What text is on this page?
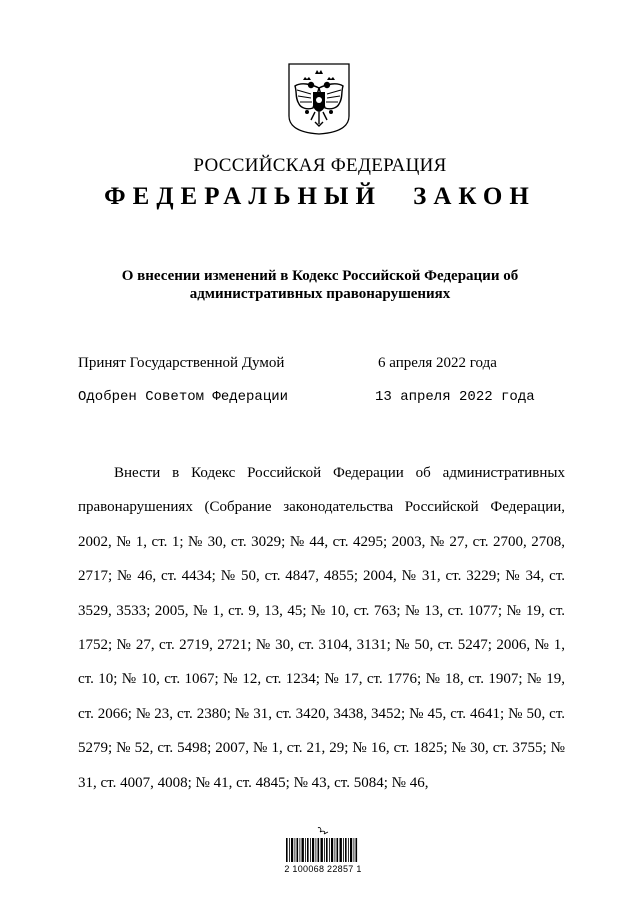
РОССИЙСКАЯ ФЕДЕРАЦИЯ
ФЕДЕРАЛЬНЫЙ ЗАКОН
О внесении изменений в Кодекс Российской Федерации об административных правонарушениях
Принят Государственной Думой	6 апреля 2022 года
Одобрен Советом Федерации	13 апреля 2022 года

Внести в Кодекс Российской Федерации об административных правонарушениях (Собрание законодательства Российской Федерации, 2002, № 1, ст. 1; № 30, ст. 3029; № 44, ст. 4295; 2003, № 27, ст. 2700, 2708, 2717; № 46, ст. 4434; № 50, ст. 4847, 4855; 2004, № 31, ст. 3229; № 34, ст. 3529, 3533; 2005, № 1, ст. 9, 13, 45; № 10, ст. 763; № 13, ст. 1077; № 19, ст. 1752; № 27, ст. 2719, 2721; № 30, ст. 3104, 3131; № 50, ст. 5247; 2006, № 1, ст. 10; № 10, ст. 1067; № 12, ст. 1234; № 17, ст. 1776; № 18, ст. 1907; № 19, ст. 2066; № 23, ст. 2380; № 31, ст. 3420, 3438, 3452; № 45, ст. 4641; № 50, ст. 5279; № 52, ст. 5498; 2007, № 1, ст. 21, 29; № 16, ст. 1825; № 30, ст. 3755; № 31, ст. 4007, 4008; № 41, ст. 4845; № 43, ст. 5084; № 46,

2 100068 22857 1
